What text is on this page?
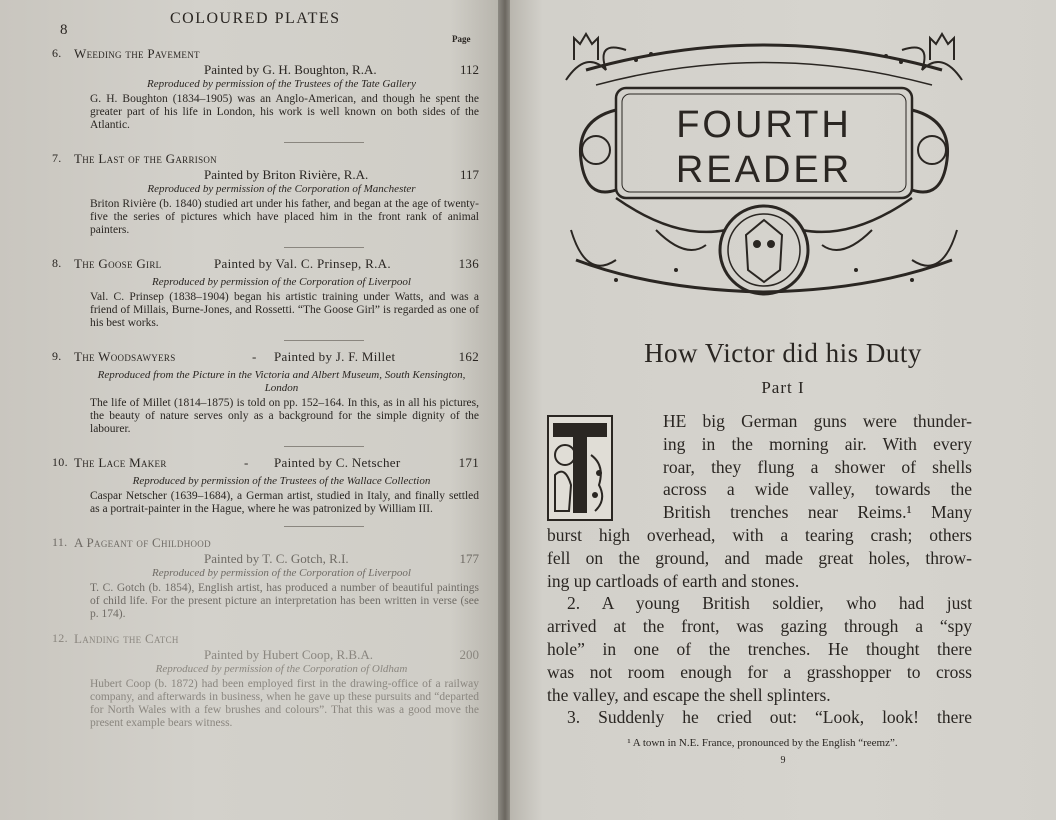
8
COLOURED PLATES
Page
6. Weeding the Pavement
Painted by G. H. Boughton, R.A.	112
Reproduced by permission of the Trustees of the Tate Gallery
G. H. Boughton (1834–1905) was an Anglo-American, and though he spent the greater part of his life in London, his work is well known on both sides of the Atlantic.
7. The Last of the Garrison
Painted by Briton Rivière, R.A.	117
Reproduced by permission of the Corporation of Manchester
Briton Rivière (b. 1840) studied art under his father, and began at the age of twenty-five the series of pictures which have placed him in the front rank of animal painters.
8. The Goose Girl	Painted by Val. C. Prinsep, R.A.	136
Reproduced by permission of the Corporation of Liverpool
Val. C. Prinsep (1838–1904) began his artistic training under Watts, and was a friend of Millais, Burne-Jones, and Rossetti. “The Goose Girl” is regarded as one of his best works.
9. The Woodsawyers	- Painted by J. F. Millet	162
Reproduced from the Picture in the Victoria and Albert Museum, South Kensington, London
The life of Millet (1814–1875) is told on pp. 152–164. In this, as in all his pictures, the beauty of nature serves only as a background for the simple dignity of the labourer.
10. The Lace Maker	- Painted by C. Netscher	171
Reproduced by permission of the Trustees of the Wallace Collection
Caspar Netscher (1639–1684), a German artist, studied in Italy, and finally settled as a portrait-painter in the Hague, where he was patronized by William III.
11. A Pageant of Childhood
Painted by T. C. Gotch, R.I.	177
Reproduced by permission of the Corporation of Liverpool
T. C. Gotch (b. 1854), English artist, has produced a number of beautiful paintings of child life. For the present picture an interpretation has been written in verse (see p. 174).
12. Landing the Catch
Painted by Hubert Coop, R.B.A.	200
Reproduced by permission of the Corporation of Oldham
Hubert Coop (b. 1872) had been employed first in the drawing-office of a railway company, and afterwards in business, when he gave up these pursuits and “departed for North Wales with a few brushes and colours”. That this was a good move the present example bears witness.
FOURTH
READER
How Victor did his Duty
Part I
HE big German guns were thunder-
ing in the morning air. With every
roar, they flung a shower of shells
across a wide valley, towards the
British trenches near Reims.¹ Many
burst high overhead, with a tearing crash; others
fell on the ground, and made great holes, throw-
ing up cartloads of earth and stones.
2. A young British soldier, who had just
arrived at the front, was gazing through a “spy
hole” in one of the trenches. He thought there
was not room enough for a grasshopper to cross
the valley, and escape the shell splinters.
3. Suddenly he cried out: “Look, look! there
¹ A town in N.E. France, pronounced by the English “reemz”.
9
